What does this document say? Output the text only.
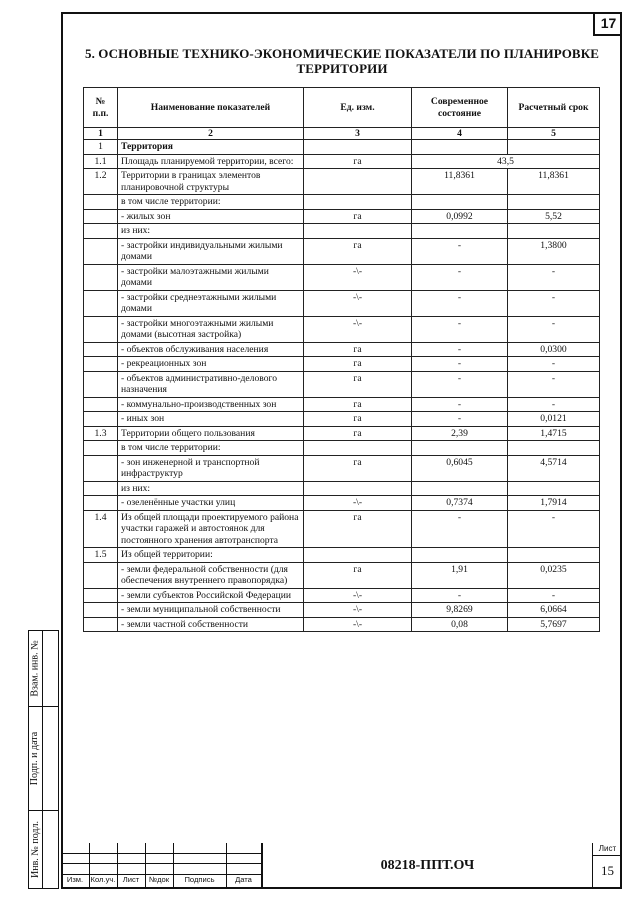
17
5. ОСНОВНЫЕ ТЕХНИКО-ЭКОНОМИЧЕСКИЕ ПОКАЗАТЕЛИ ПО ПЛАНИРОВКЕ
ТЕРРИТОРИИ
№ п.п.	Наименование показателей	Ед. изм.	Современное состояние	Расчетный срок
1	2	3	4	5
1	Территория			
1.1	Площадь планируемой территории, всего:	га	43,5	
1.2	Территории в границах элементов планировочной структуры		11,8361	11,8361
	в том числе территории:			
	- жилых зон	га	0,0992	5,52
	из них:			
	- застройки индивидуальными жилыми домами	га	-	1,3800
	- застройки малоэтажными жилыми домами	-\-	-	-
	- застройки среднеэтажными жилыми домами	-\-	-	-
	- застройки многоэтажными жилыми домами (высотная застройка)	-\-	-	-
	- объектов обслуживания населения	га	-	0,0300
	- рекреационных зон	га	-	-
	- объектов административно-делового назначения	га	-	-
	- коммунально-производственных зон	га	-	-
	- иных зон	га	-	0,0121
1.3	Территории общего пользования	га	2,39	1,4715
	в том числе территории:			
	- зон инженерной и транспортной инфраструктур	га	0,6045	4,5714
	из них:			
	- озеленённые участки улиц	-\-	0,7374	1,7914
1.4	Из общей площади проектируемого района участки гаражей и автостоянок для постоянного хранения автотранспорта	га	-	-
1.5	Из общей территории:			
	- земли федеральной собственности (для обеспечения внутреннего правопорядка)	га	1,91	0,0235
	- земли субъектов Российской Федерации	-\-	-	-
	- земли муниципальной собственности	-\-	9,8269	6,0664
	- земли частной собственности	-\-	0,08	5,7697
Взам. инв. №
Подп. и дата
Инв. № подл.
Изм. Кол.уч. Лист	№док	Подпись	Дата
08218-ППТ.ОЧ
Лист
15
